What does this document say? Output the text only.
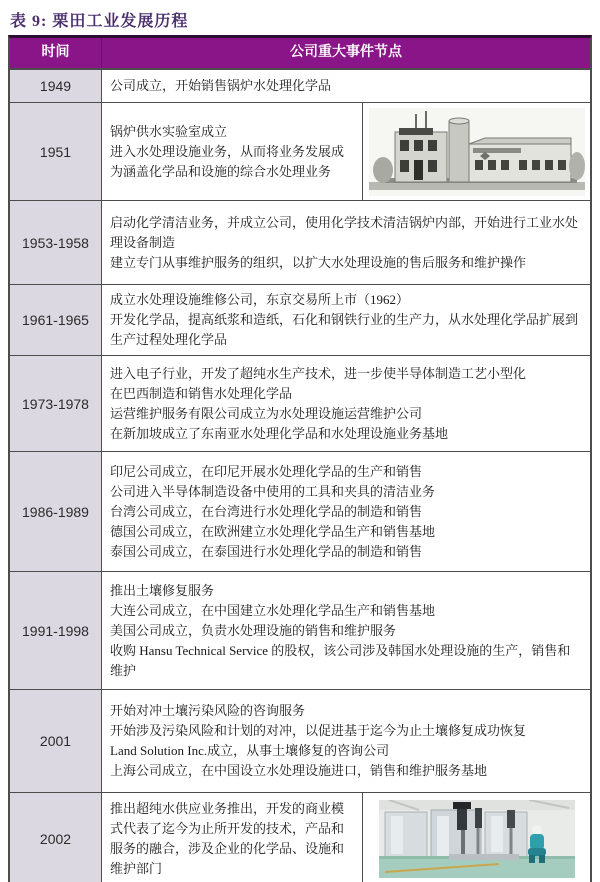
表 9: 栗田工业发展历程
时间	公司重大事件节点
1949	公司成立，开始销售锅炉水处理化学品
1951
锅炉供水实验室成立
进入水处理设施业务，从而将业务发展成为涵盖化学品和设施的综合水处理业务
1953-1958
启动化学清洁业务，并成立公司，使用化学技术清洁锅炉内部，开始进行工业水处理设备制造
建立专门从事维护服务的组织，以扩大水处理设施的售后服务和维护操作
1961-1965
成立水处理设施维修公司，东京交易所上市（1962）
开发化学品，提高纸浆和造纸，石化和钢铁行业的生产力，从水处理化学品扩展到生产过程处理化学品
1973-1978
进入电子行业，开发了超纯水生产技术，进一步使半导体制造工艺小型化
在巴西制造和销售水处理化学品
运营维护服务有限公司成立为水处理设施运营维护公司
在新加坡成立了东南亚水处理化学品和水处理设施业务基地
1986-1989
印尼公司成立，在印尼开展水处理化学品的生产和销售
公司进入半导体制造设备中使用的工具和夹具的清洁业务
台湾公司成立，在台湾进行水处理化学品的制造和销售
德国公司成立，在欧洲建立水处理化学品生产和销售基地
泰国公司成立，在泰国进行水处理化学品的制造和销售
1991-1998
推出土壤修复服务
大连公司成立，在中国建立水处理化学品生产和销售基地
美国公司成立，负责水处理设施的销售和维护服务
收购 Hansu Technical Service 的股权，该公司涉及韩国水处理设施的生产，销售和维护
2001
开始对冲土壤污染风险的咨询服务
开始涉及污染风险和计划的对冲，以促进基于迄今为止土壤修复成功恢复
Land Solution Inc.成立，从事土壤修复的咨询公司
上海公司成立，在中国设立水处理设施进口，销售和维护服务基地
2002
推出超纯水供应业务推出，开发的商业模式代表了迄今为止所开发的技术，产品和服务的融合，涉及企业的化学品、设施和维护部门
